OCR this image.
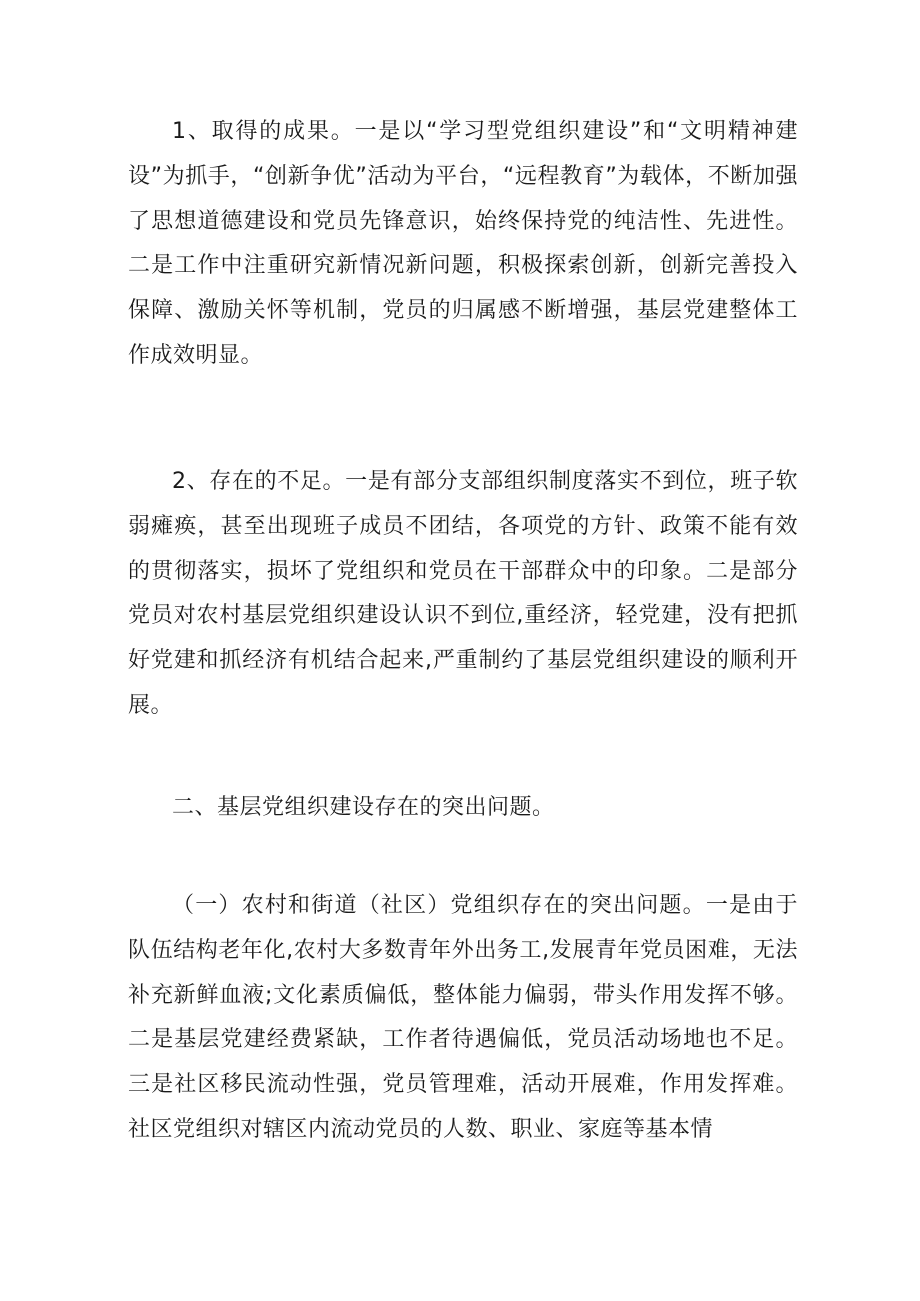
1、取得的成果。一是以“学习型党组织建设”和“文明精神建设”为抓手，“创新争优”活动为平台，“远程教育”为载体，不断加强了思想道德建设和党员先锋意识，始终保持党的纯洁性、先进性。二是工作中注重研究新情况新问题，积极探索创新，创新完善投入保障、激励关怀等机制，党员的归属感不断增强，基层党建整体工作成效明显。

2、存在的不足。一是有部分支部组织制度落实不到位，班子软弱瘫痪，甚至出现班子成员不团结，各项党的方针、政策不能有效的贯彻落实，损坏了党组织和党员在干部群众中的印象。二是部分党员对农村基层党组织建设认识不到位,重经济，轻党建，没有把抓好党建和抓经济有机结合起来,严重制约了基层党组织建设的顺利开展。

二、基层党组织建设存在的突出问题。

（一）农村和街道（社区）党组织存在的突出问题。一是由于队伍结构老年化,农村大多数青年外出务工,发展青年党员困难，无法补充新鲜血液;文化素质偏低，整体能力偏弱，带头作用发挥不够。二是基层党建经费紧缺，工作者待遇偏低，党员活动场地也不足。三是社区移民流动性强，党员管理难，活动开展难，作用发挥难。社区党组织对辖区内流动党员的人数、职业、家庭等基本情
